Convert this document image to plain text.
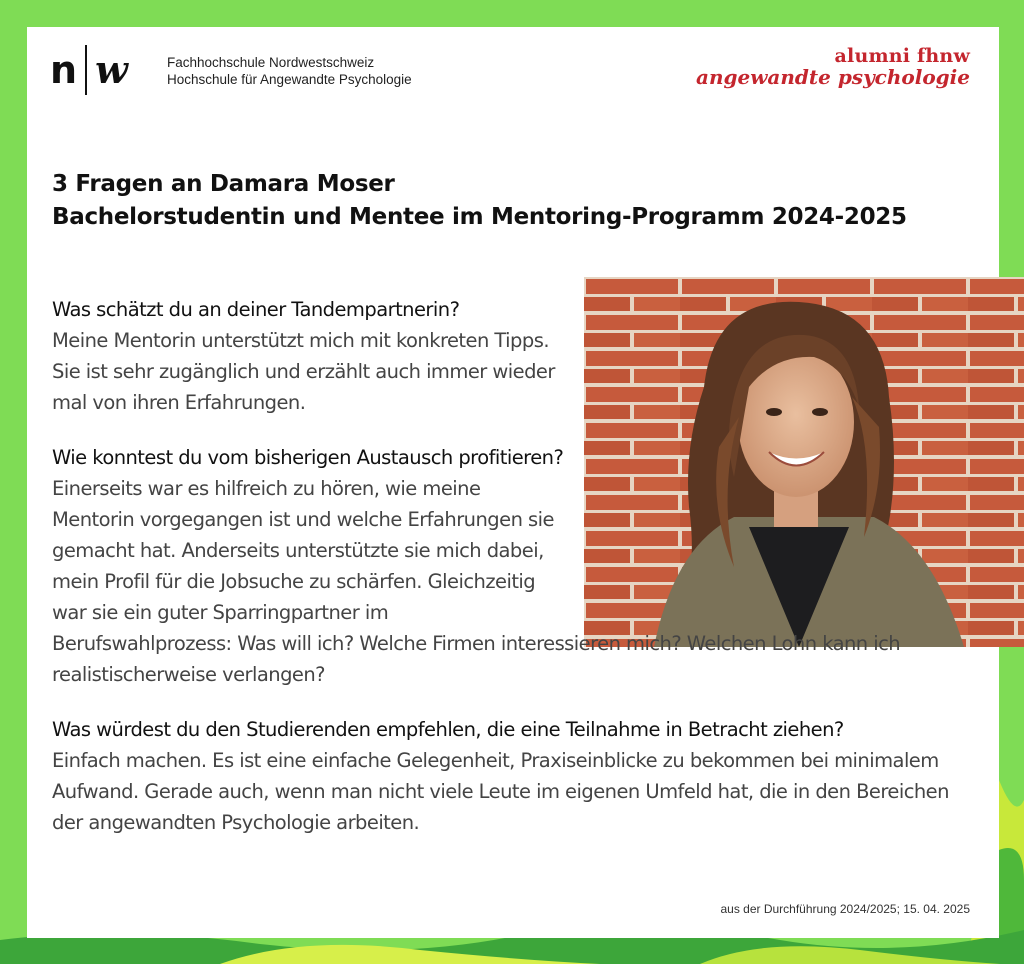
n w	Fachhochschule Nordwestschweiz
Hochschule für Angewandte Psychologie
alumni fhnw
angewandte psychologie
3 Fragen an Damara Moser
Bachelorstudentin und Mentee im Mentoring-Programm 2024-2025
Was schätzt du an deiner Tandempartnerin?
Meine Mentorin unterstützt mich mit konkreten Tipps. Sie ist sehr zugänglich und erzählt auch immer wieder mal von ihren Erfahrungen.
Wie konntest du vom bisherigen Austausch profitieren?
Einerseits war es hilfreich zu hören, wie meine Mentorin vorgegangen ist und welche Erfahrungen sie gemacht hat. Anderseits unterstützte sie mich dabei, mein Profil für die Jobsuche zu schärfen. Gleichzeitig war sie ein guter Sparringpartner im Berufswahlprozess: Was will ich? Welche Firmen interessieren mich? Welchen Lohn kann ich realistischerweise verlangen?
Was würdest du den Studierenden empfehlen, die eine Teilnahme in Betracht ziehen?
Einfach machen. Es ist eine einfache Gelegenheit, Praxiseinblicke zu bekommen bei minimalem Aufwand. Gerade auch, wenn man nicht viele Leute im eigenen Umfeld hat, die in den Bereichen der angewandten Psychologie arbeiten.
aus der Durchführung 2024/2025; 15. 04. 2025
